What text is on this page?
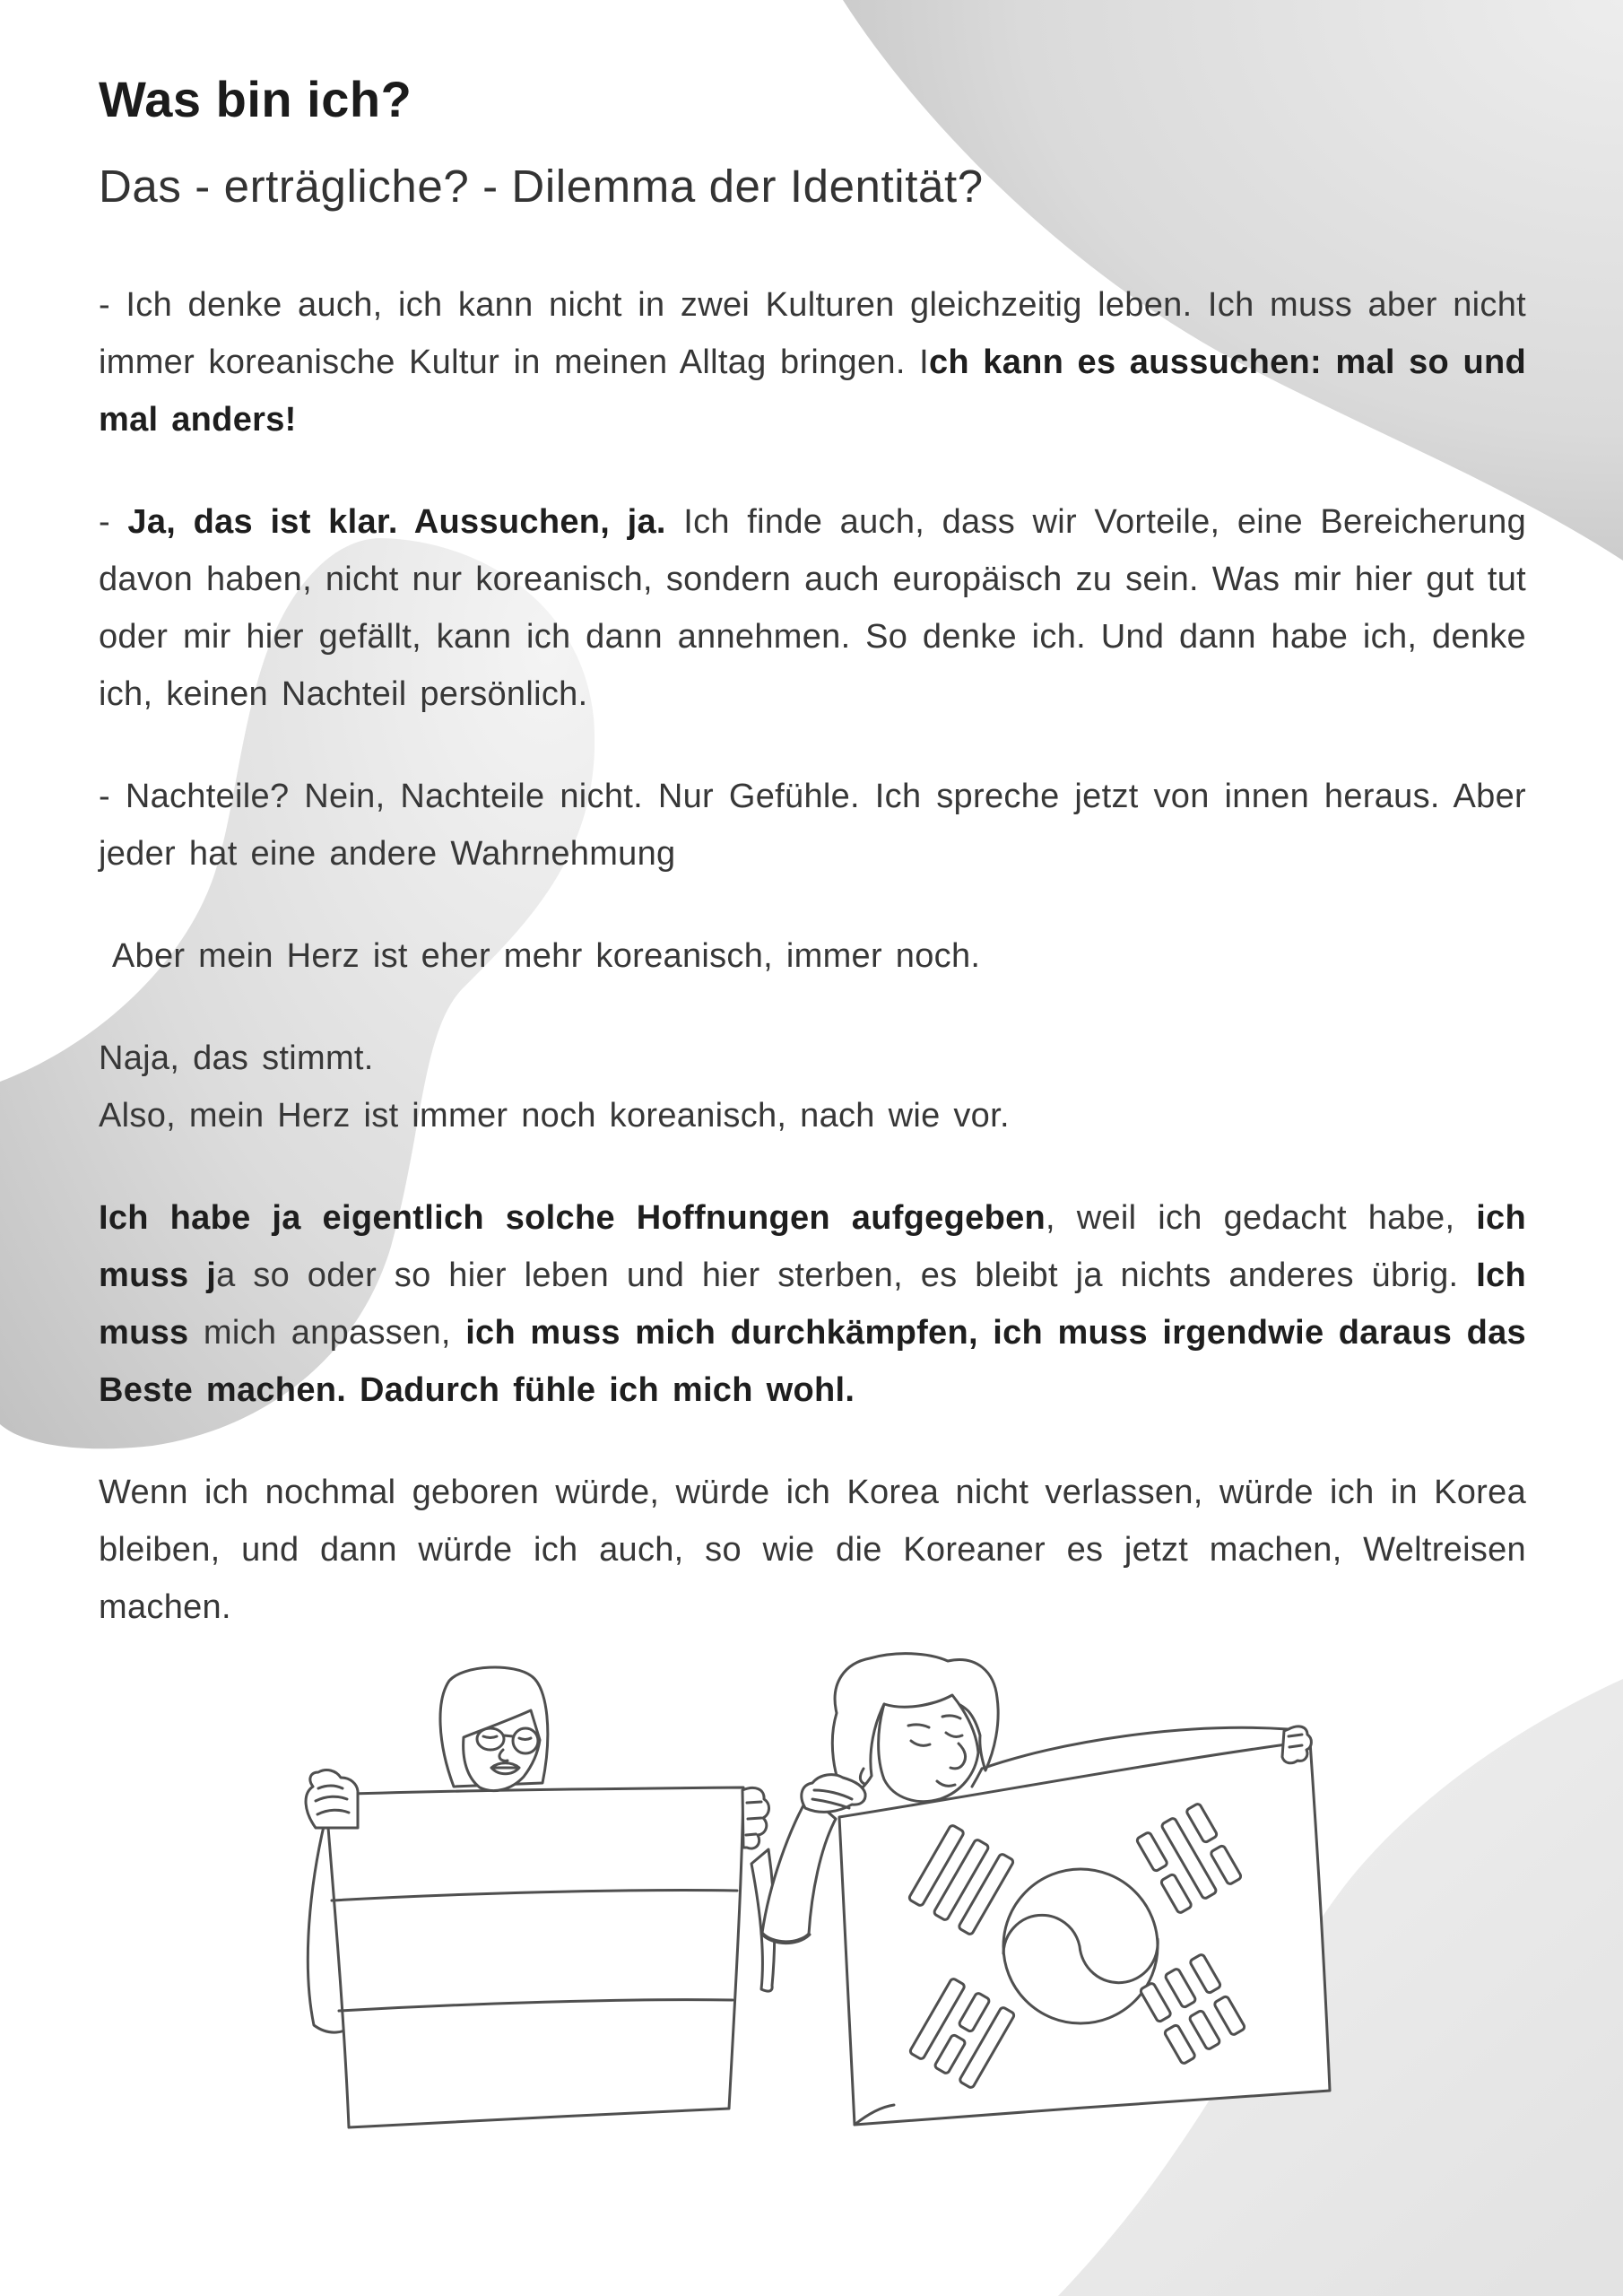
Was bin ich?
Das - erträgliche? - Dilemma der Identität?

- Ich denke auch, ich kann nicht in zwei Kulturen gleichzeitig leben. Ich muss aber nicht immer koreanische Kultur in meinen Alltag bringen. Ich kann es aussuchen: mal so und mal anders!

- Ja, das ist klar. Aussuchen, ja. Ich finde auch, dass wir Vorteile, eine Bereicherung davon haben, nicht nur koreanisch, sondern auch europäisch zu sein. Was mir hier gut tut oder mir hier gefällt, kann ich dann annehmen. So denke ich. Und dann habe ich, denke ich, keinen Nachteil persönlich.

- Nachteile? Nein, Nachteile nicht. Nur Gefühle. Ich spreche jetzt von innen heraus. Aber jeder hat eine andere Wahrnehmung

Aber mein Herz ist eher mehr koreanisch, immer noch.

Naja, das stimmt.
Also, mein Herz ist immer noch koreanisch, nach wie vor.

Ich habe ja eigentlich solche Hoffnungen aufgegeben, weil ich gedacht habe, ich muss ja so oder so hier leben und hier sterben, es bleibt ja nichts anderes übrig. Ich muss mich anpassen, ich muss mich durchkämpfen, ich muss irgendwie daraus das Beste machen. Dadurch fühle ich mich wohl.

Wenn ich nochmal geboren würde, würde ich Korea nicht verlassen, würde ich in Korea bleiben, und dann würde ich auch, so wie die Koreaner es jetzt machen, Weltreisen machen.
